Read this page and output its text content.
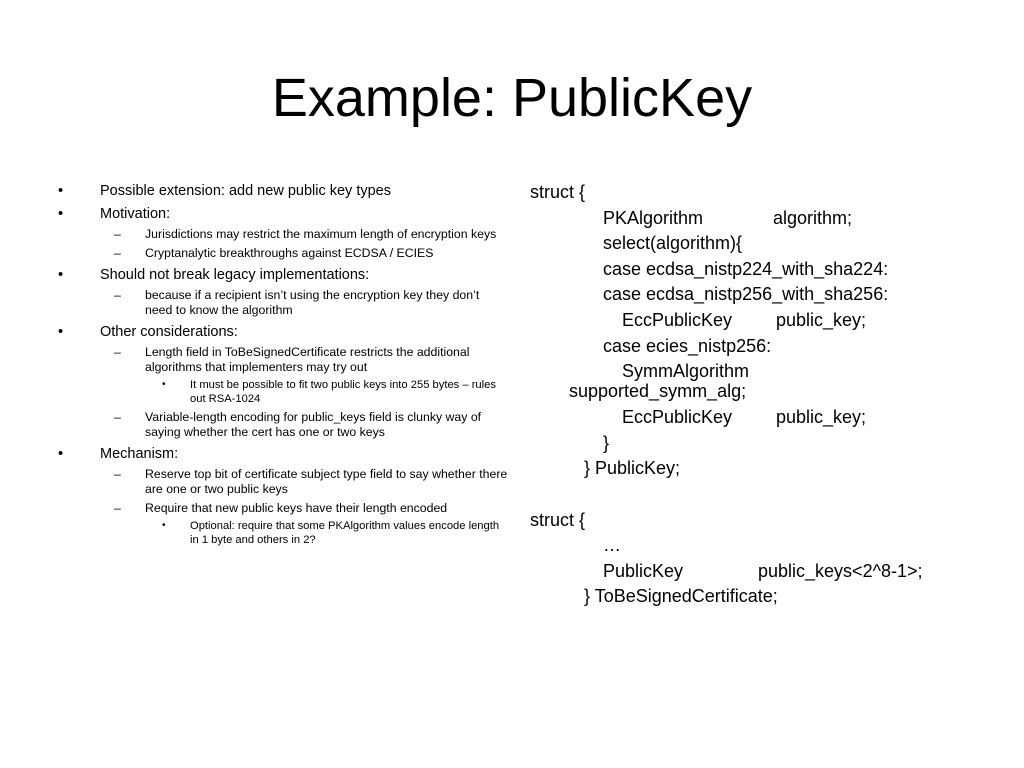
Example: PublicKey
•	Possible extension: add new public key types
•	Motivation:
– Jurisdictions may restrict the maximum length of encryption keys
– Cryptanalytic breakthroughs against ECDSA / ECIES
•	Should not break legacy implementations:
– because if a recipient isn’t using the encryption key they don’t need to know the algorithm
•	Other considerations:
– Length field in ToBeSignedCertificate restricts the additional algorithms that implementers may try out
• It must be possible to fit two public keys into 255 bytes – rules out RSA-1024
– Variable-length encoding for public_keys field is clunky way of saying whether the cert has one or two keys
•	Mechanism:
– Reserve top bit of certificate subject type field to say whether there are one or two public keys
– Require that new public keys have their length encoded
• Optional: require that some PKAlgorithm values encode length in 1 byte and others in 2?
struct {
PKAlgorithm	algorithm;
select(algorithm){
case ecdsa_nistp224_with_sha224:
case ecdsa_nistp256_with_sha256:
EccPublicKey public_key;
case ecies_nistp256:
SymmAlgorithm
supported_symm_alg;
EccPublicKey public_key;
}
} PublicKey;
struct {
…
PublicKey	public_keys<2^8-1>;
} ToBeSignedCertificate;
